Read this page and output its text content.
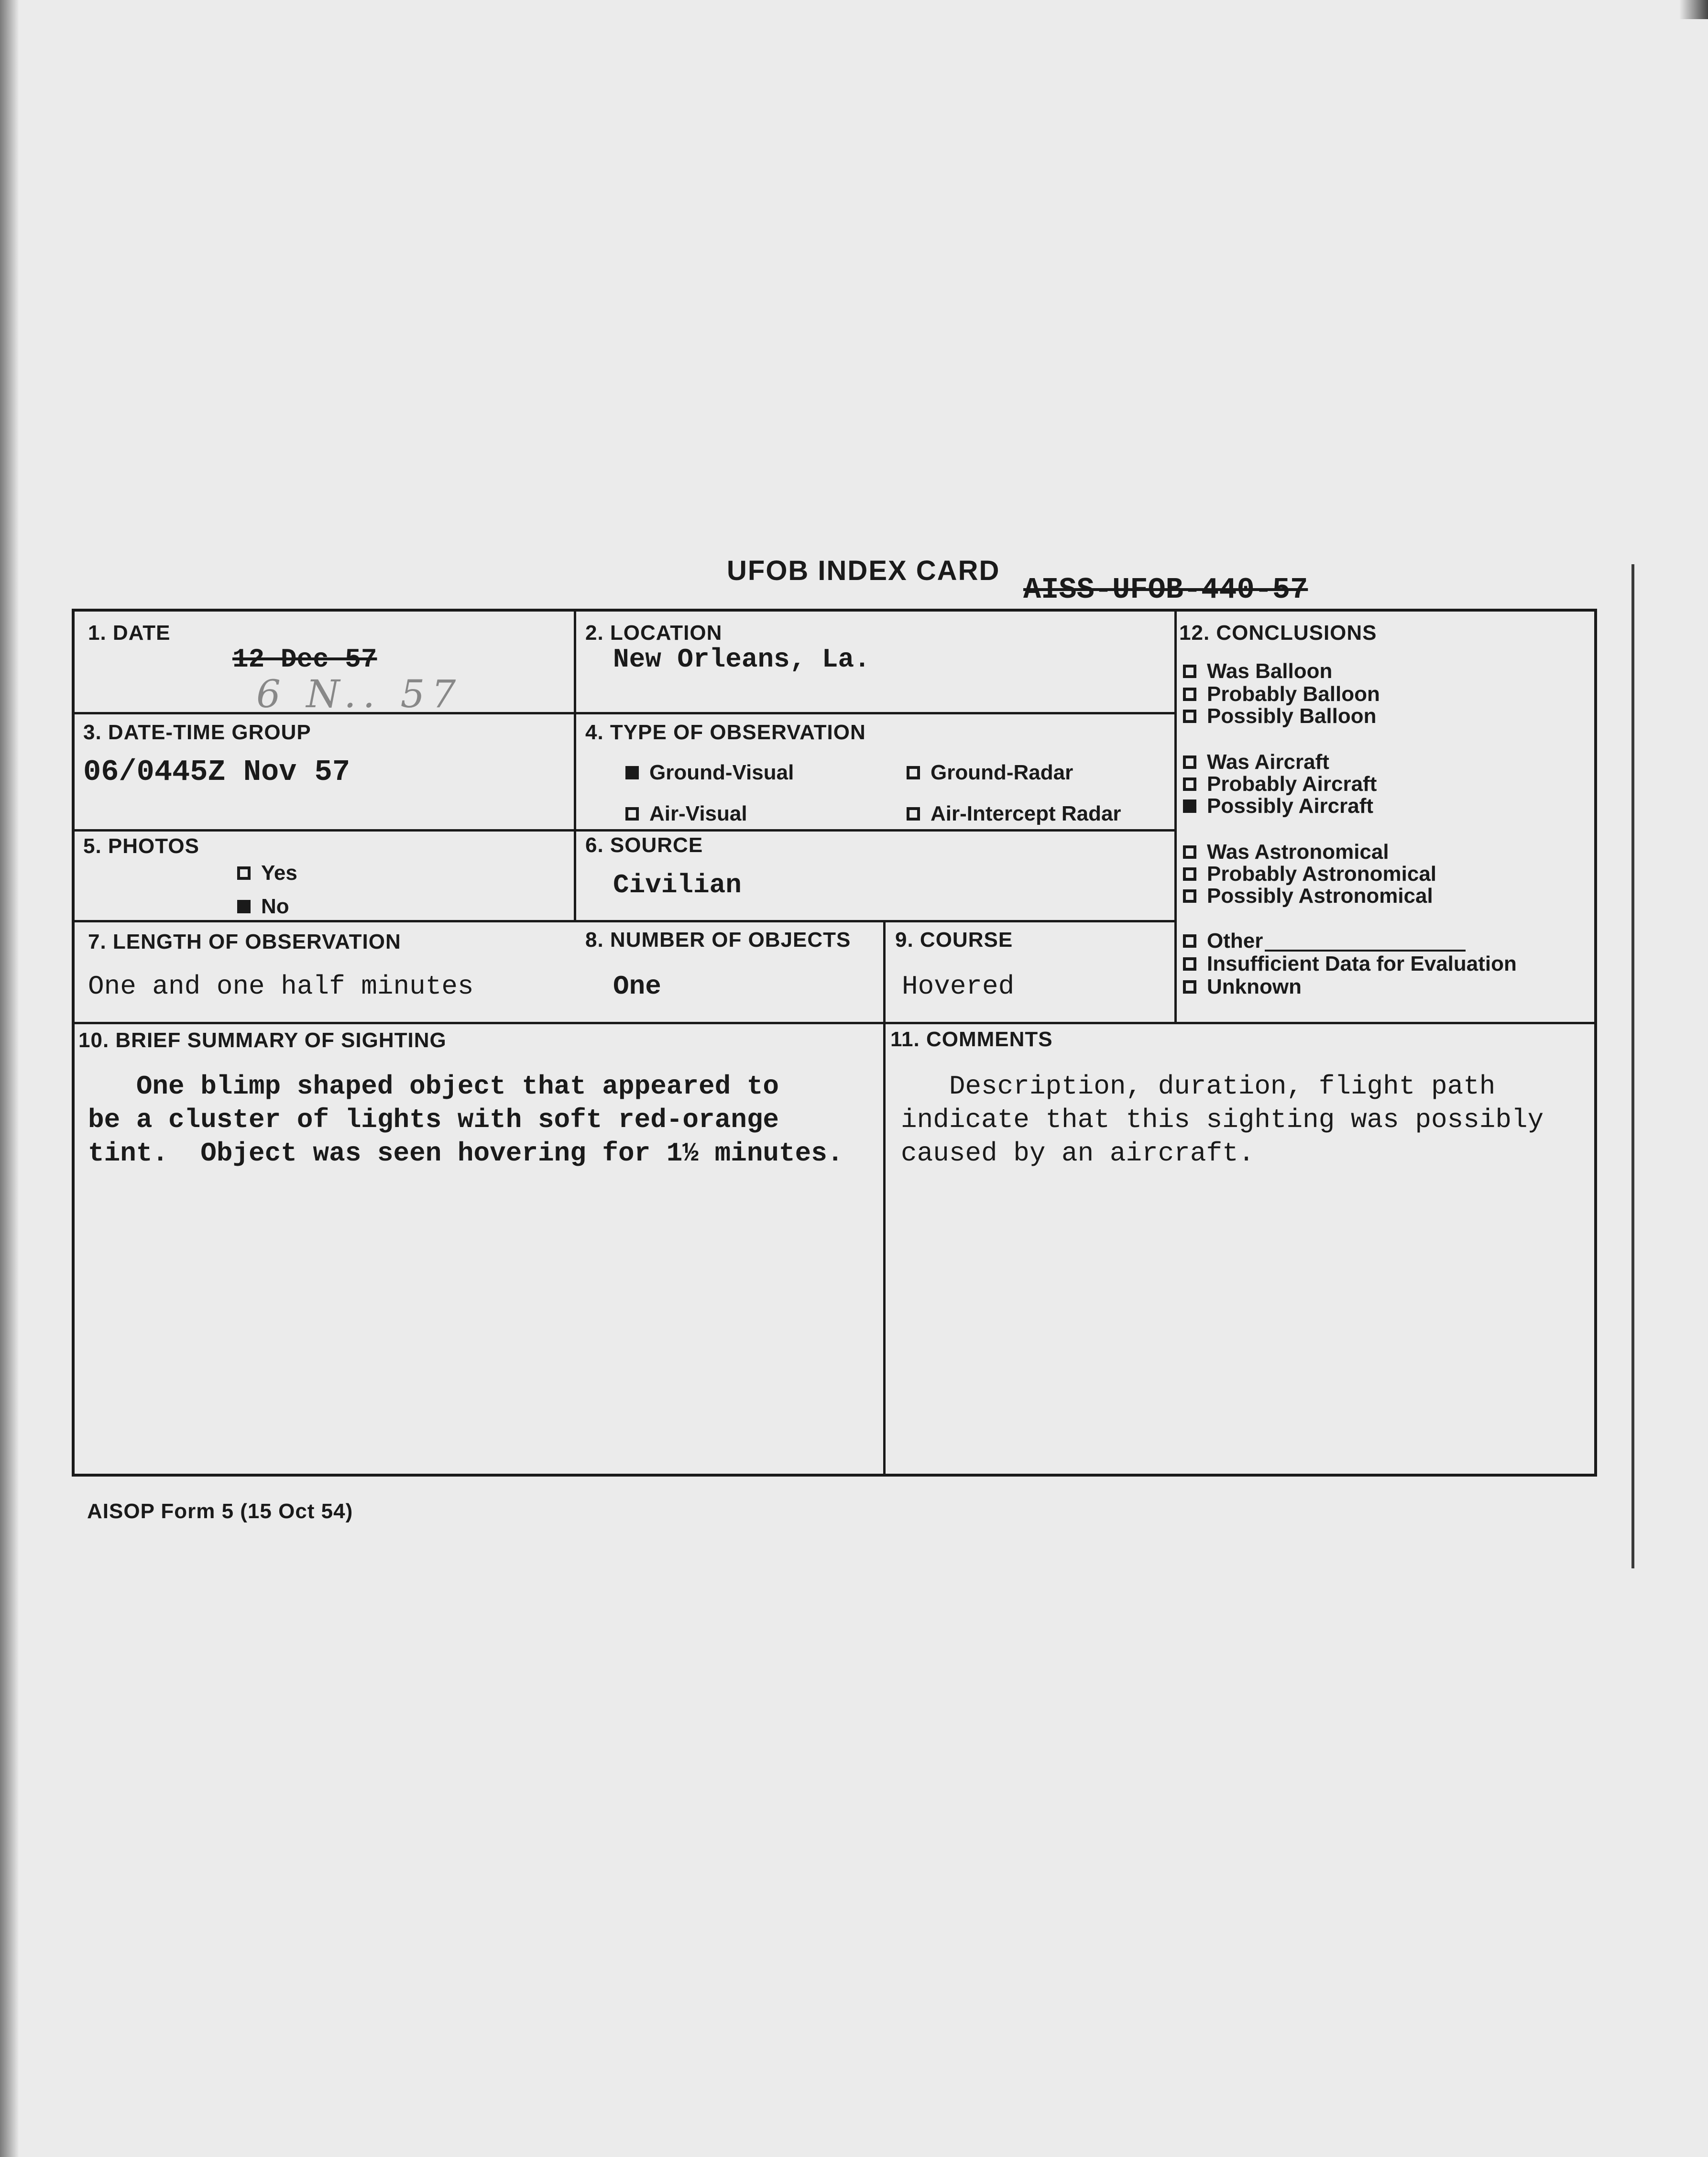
UFOB INDEX CARD
AISS-UFOB-440-57
1. DATE
12 Dec 57
6 N.. 57
2. LOCATION
New Orleans, La.
12. CONCLUSIONS
3. DATE-TIME GROUP
06/0445Z Nov 57
4. TYPE OF OBSERVATION
Ground-Visual	Ground-Radar
Air-Visual	Air-Intercept Radar
5. PHOTOS
Yes
No
6. SOURCE
Civilian
7. LENGTH OF OBSERVATION
One and one half minutes
8. NUMBER OF OBJECTS
One
9. COURSE
Hovered
10. BRIEF SUMMARY OF SIGHTING
One blimp shaped object that appeared to
be a cluster of lights with soft red-orange
tint.  Object was seen hovering for 1½ minutes.
11. COMMENTS
Description, duration, flight path
indicate that this sighting was possibly
caused by an aircraft.
Was Balloon
Probably Balloon
Possibly Balloon
Was Aircraft
Probably Aircraft
Possibly Aircraft
Was Astronomical
Probably Astronomical
Possibly Astronomical
Other
Insufficient Data for Evaluation
Unknown
AISOP Form 5 (15 Oct 54)
